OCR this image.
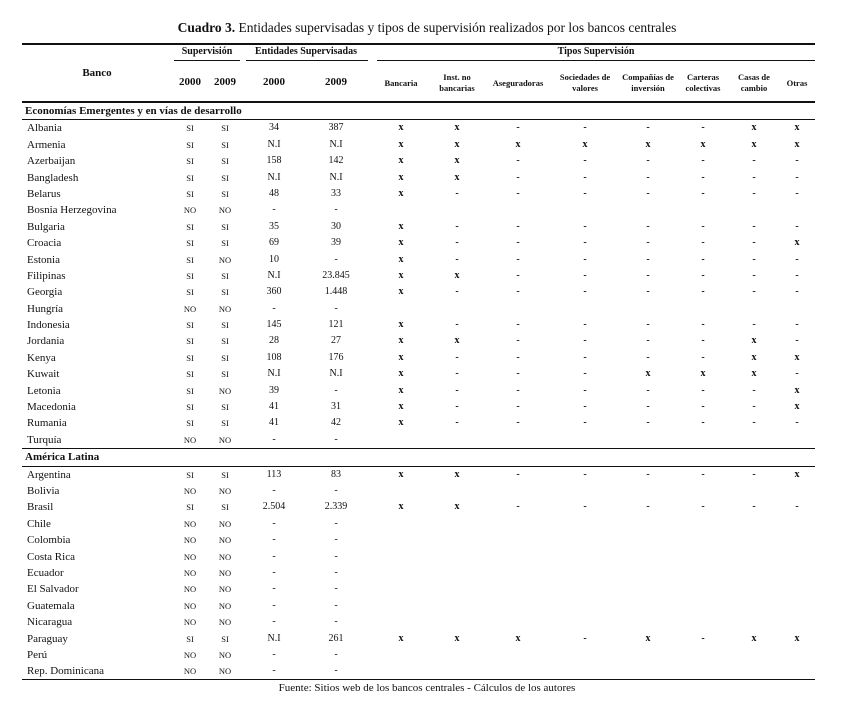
Cuadro 3. Entidades supervisadas y tipos de supervisión realizados por los bancos centrales
Banco
Supervisión	Entidades Supervisadas	Tipos Supervisión
2000	2009	2000	2009	Bancaria
Inst. no bancarias	Aseguradoras
Sociedades de valores
Compañías de inversión
Carteras colectivas
Casas de cambio	Otras
Economías Emergentes y en vías de desarrollo
Albania	SI	SI	34	387	x	x	-	-	-	-	x	x
Armenia	SI	SI	N.I	N.I	x	x	x	x	x	x	x	x
Azerbaijan	SI	SI	158	142	x	x	-	-	-	-	-	-
Bangladesh	SI	SI	N.I	N.I	x	x	-	-	-	-	-	-
Belarus	SI	SI	48	33	x	-	-	-	-	-	-	-
Bosnia Herzegovina	NO	NO	-	-
Bulgaria	SI	SI	35	30	x	-	-	-	-	-	-	-
Croacia	SI	SI	69	39	x	-	-	-	-	-	-	x
Estonia	SI	NO	10	-	x	-	-	-	-	-	-	-
Filipinas	SI	SI	N.I	23.845	x	x	-	-	-	-	-	-
Georgia	SI	SI	360	1.448	x	-	-	-	-	-	-	-
Hungría	NO	NO	-	-
Indonesia	SI	SI	145	121	x	-	-	-	-	-	-	-
Jordania	SI	SI	28	27	x	x	-	-	-	-	x	-
Kenya	SI	SI	108	176	x	-	-	-	-	-	x	x
Kuwait	SI	SI	N.I	N.I	x	-	-	-	x	x	x	-
Letonia	SI	NO	39	-	x	-	-	-	-	-	-	x
Macedonia	SI	SI	41	31	x	-	-	-	-	-	-	x
Rumania	SI	SI	41	42	x	-	-	-	-	-	-	-
Turquía	NO	NO	-	-
América Latina
Argentina	SI	SI	113	83	x	x	-	-	-	-	-	x
Bolivia	NO	NO	-	-
Brasil	SI	SI	2.504	2.339	x	x	-	-	-	-	-	-
Chile	NO	NO	-	-
Colombia	NO	NO	-	-
Costa Rica	NO	NO	-	-
Ecuador	NO	NO	-	-
El Salvador	NO	NO	-	-
Guatemala	NO	NO	-	-
Nicaragua	NO	NO	-	-
Paraguay	SI	SI	N.I	261	x	x	x	-	x	-	x	x
Perú	NO	NO	-	-
Rep. Dominicana	NO	NO	-	-
Fuente: Sitios web de los bancos centrales - Cálculos de los autores
